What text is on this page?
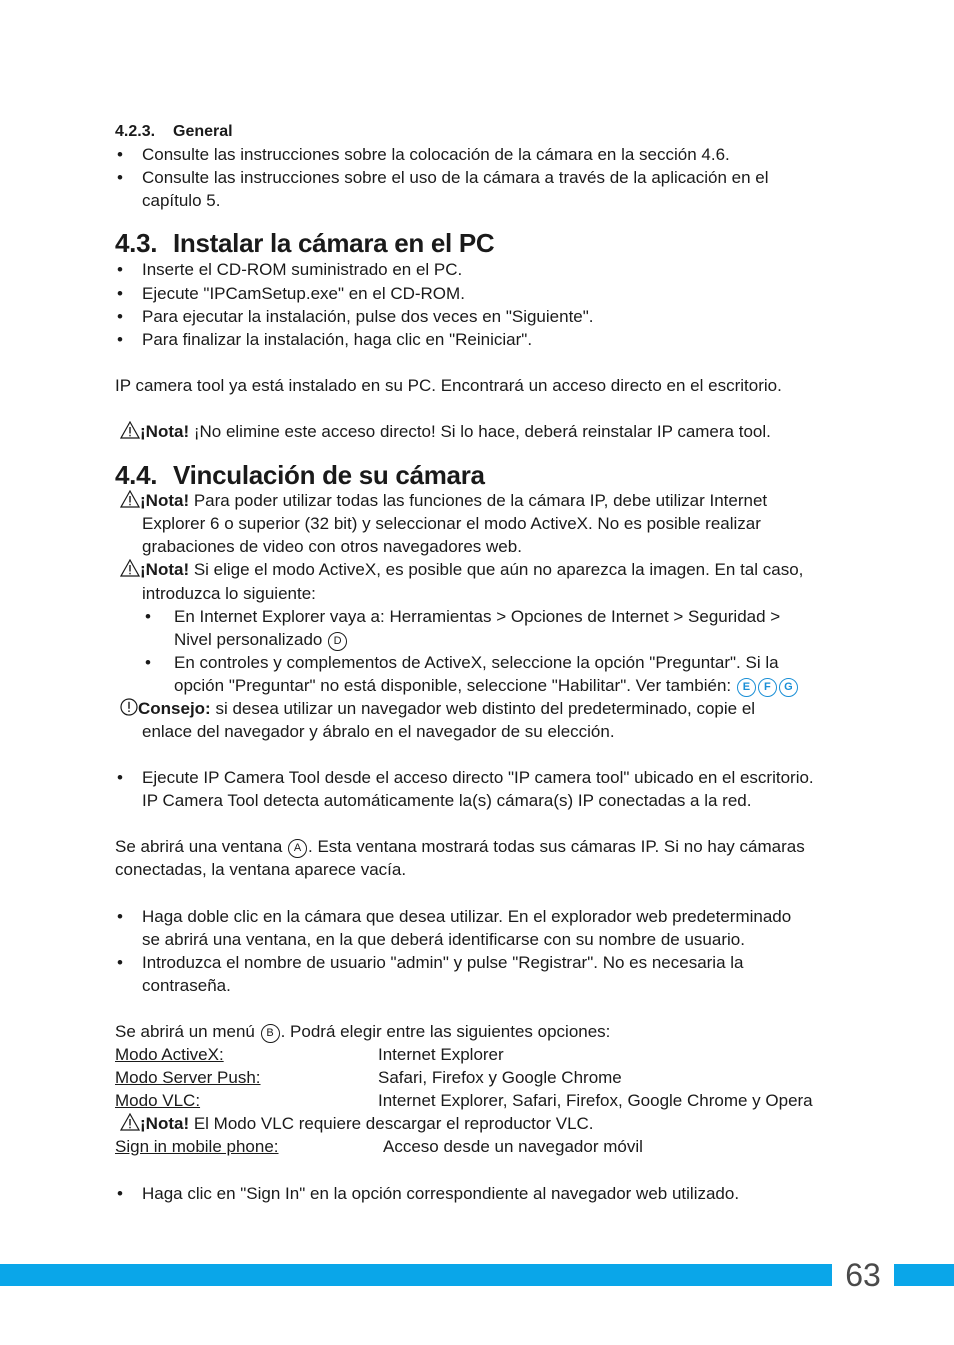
4.2.3. General
• Consulte las instrucciones sobre la colocación de la cámara en la sección 4.6.
• Consulte las instrucciones sobre el uso de la cámara a través de la aplicación en el
capítulo 5.
4.3. Instalar la cámara en el PC
• Inserte el CD-ROM suministrado en el PC.
• Ejecute "IPCamSetup.exe" en el CD-ROM.
• Para ejecutar la instalación, pulse dos veces en "Siguiente".
• Para finalizar la instalación, haga clic en "Reiniciar".
IP camera tool ya está instalado en su PC. Encontrará un acceso directo en el escritorio.
¡Nota! ¡No elimine este acceso directo! Si lo hace, deberá reinstalar IP camera tool.
4.4. Vinculación de su cámara
¡Nota! Para poder utilizar todas las funciones de la cámara IP, debe utilizar Internet
Explorer 6 o superior (32 bit) y seleccionar el modo ActiveX. No es posible realizar
grabaciones de video con otros navegadores web.
¡Nota! Si elige el modo ActiveX, es posible que aún no aparezca la imagen. En tal caso,
introduzca lo siguiente:
• En Internet Explorer vaya a: Herramientas > Opciones de Internet > Seguridad >
Nivel personalizado D
• En controles y complementos de ActiveX, seleccione la opción "Preguntar". Si la
opción "Preguntar" no está disponible, seleccione "Habilitar". Ver también: E F G
Consejo: si desea utilizar un navegador web distinto del predeterminado, copie el
enlace del navegador y ábralo en el navegador de su elección.
• Ejecute IP Camera Tool desde el acceso directo "IP camera tool" ubicado en el escritorio.
IP Camera Tool detecta automáticamente la(s) cámara(s) IP conectadas a la red.
Se abrirá una ventana A . Esta ventana mostrará todas sus cámaras IP. Si no hay cámaras
conectadas, la ventana aparece vacía.
• Haga doble clic en la cámara que desea utilizar. En el explorador web predeterminado
se abrirá una ventana, en la que deberá identificarse con su nombre de usuario.
• Introduzca el nombre de usuario "admin" y pulse "Registrar". No es necesaria la
contraseña.
Se abrirá un menú B . Podrá elegir entre las siguientes opciones:
Modo ActiveX:	Internet Explorer
Modo Server Push:	Safari, Firefox y Google Chrome
Modo VLC:	Internet Explorer, Safari, Firefox, Google Chrome y Opera
¡Nota! El Modo VLC requiere descargar el reproductor VLC.
Sign in mobile phone:	Acceso desde un navegador móvil
• Haga clic en "Sign In" en la opción correspondiente al navegador web utilizado.
63
